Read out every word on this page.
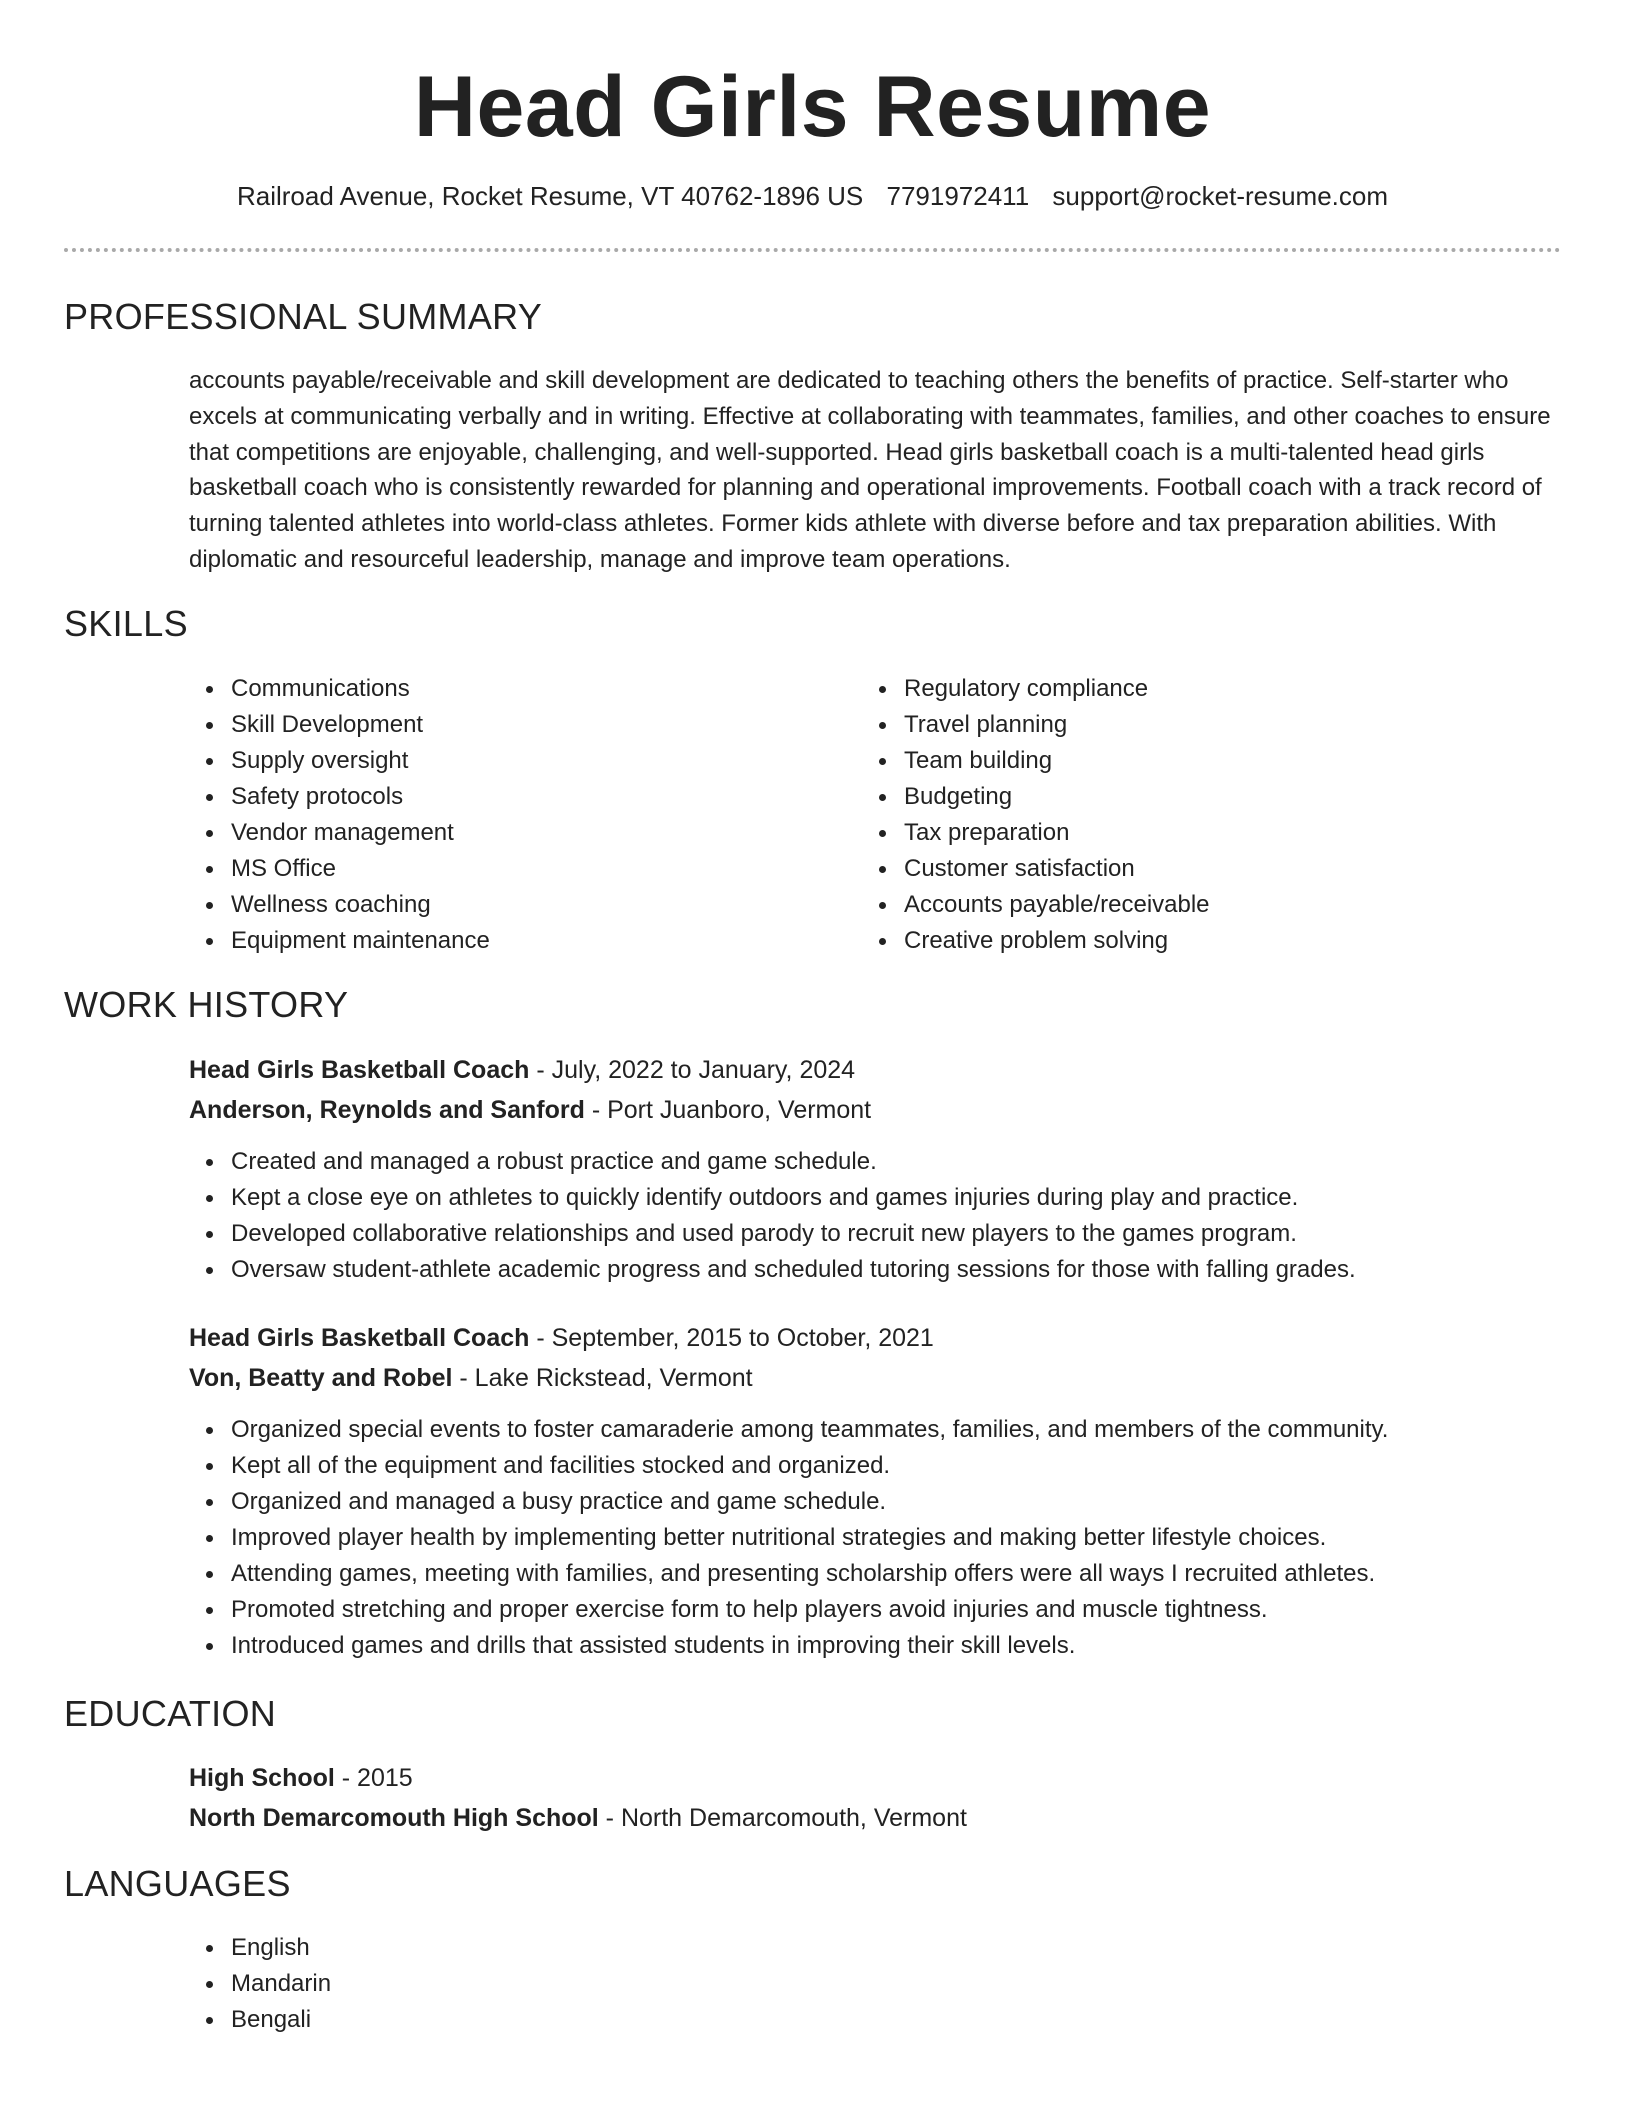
Head Girls Resume
Railroad Avenue, Rocket Resume, VT 40762-1896 US 7791972411 support@rocket-resume.com
PROFESSIONAL SUMMARY

accounts payable/receivable and skill development are dedicated to teaching others the benefits of practice. Self-starter who excels at communicating verbally and in writing. Effective at collaborating with teammates, families, and other coaches to ensure that competitions are enjoyable, challenging, and well-supported. Head girls basketball coach is a multi-talented head girls basketball coach who is consistently rewarded for planning and operational improvements. Football coach with a track record of turning talented athletes into world-class athletes. Former kids athlete with diverse before and tax preparation abilities. With diplomatic and resourceful leadership, manage and improve team operations.

SKILLS
Communications
Skill Development
Supply oversight
Safety protocols
Vendor management
MS Office
Wellness coaching
Equipment maintenance
Regulatory compliance
Travel planning
Team building
Budgeting
Tax preparation
Customer satisfaction
Accounts payable/receivable
Creative problem solving
WORK HISTORY
Head Girls Basketball Coach - July, 2022 to January, 2024
Anderson, Reynolds and Sanford - Port Juanboro, Vermont
Created and managed a robust practice and game schedule.
Kept a close eye on athletes to quickly identify outdoors and games injuries during play and practice.
Developed collaborative relationships and used parody to recruit new players to the games program.
Oversaw student-athlete academic progress and scheduled tutoring sessions for those with falling grades.
Head Girls Basketball Coach - September, 2015 to October, 2021
Von, Beatty and Robel - Lake Rickstead, Vermont
Organized special events to foster camaraderie among teammates, families, and members of the community.
Kept all of the equipment and facilities stocked and organized.
Organized and managed a busy practice and game schedule.
Improved player health by implementing better nutritional strategies and making better lifestyle choices.
Attending games, meeting with families, and presenting scholarship offers were all ways I recruited athletes.
Promoted stretching and proper exercise form to help players avoid injuries and muscle tightness.
Introduced games and drills that assisted students in improving their skill levels.
EDUCATION
High School - 2015
North Demarcomouth High School - North Demarcomouth, Vermont
LANGUAGES
English
Mandarin
Bengali
